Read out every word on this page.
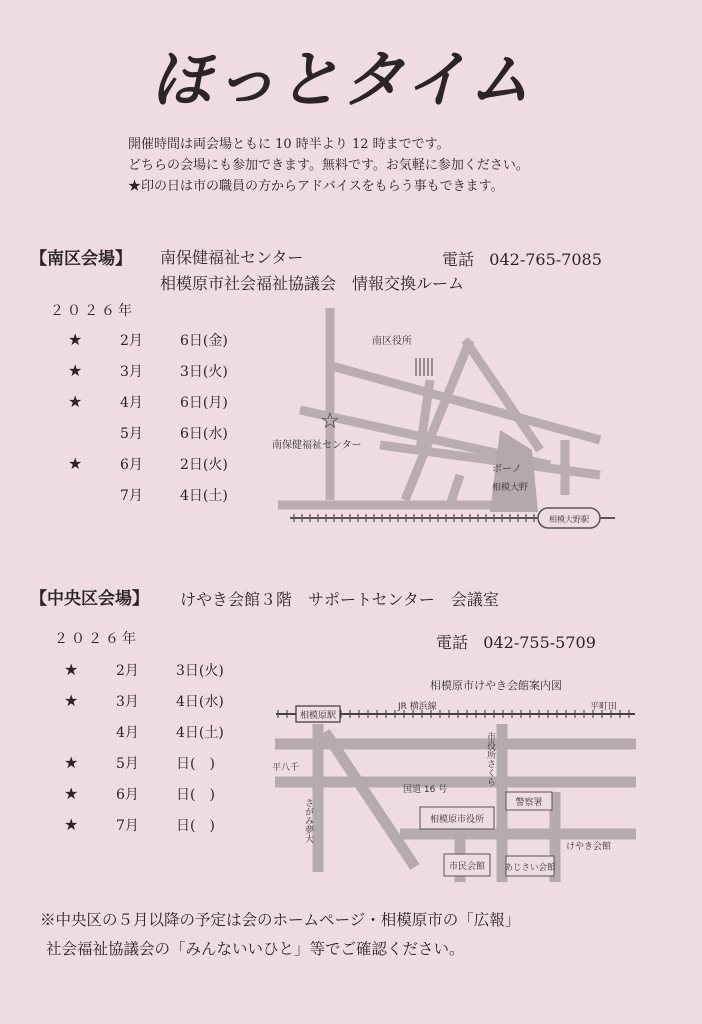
ほっとタイム
開催時間は両会場ともに 10 時半より 12 時までです。
どちらの会場にも参加できます。無料です。お気軽に参加ください。
★印の日は市の職員の方からアドバイスをもらう事もできます。
【南区会場】 南保健福祉センター	電話 042-765-7085
相模原市社会福祉協議会　情報交換ルーム
２０２６年
★	2月	6日(金)
★	3月	3日(火)
★	4月	6日(月)
5月	6日(水)
★	6月	2日(火)
7月	4日(土)
南区役所
南保健福祉センター
ボーノ
相模大野
☆
相模大野駅
【中央区会場】 けやき会館３階　サポートセンター　会議室
２０２６年	電話 042-755-5709
★	2月	3日(火)
★	3月	4日(水)
4月	4日(土)
★	5月	日(　)
★	6月	日(　)
★	7月	日(　)
相模原市けやき会館案内図
相模原駅
JR 横浜線	平町田
平八千
国道 16 号
市役所さくら
さがみ夢大	警察署
相模原市役所
けやき会館
市民会館 あじさい会館
※中央区の５月以降の予定は会のホームページ・相模原市の「広報」
社会福祉協議会の「みんないいひと」等でご確認ください。
